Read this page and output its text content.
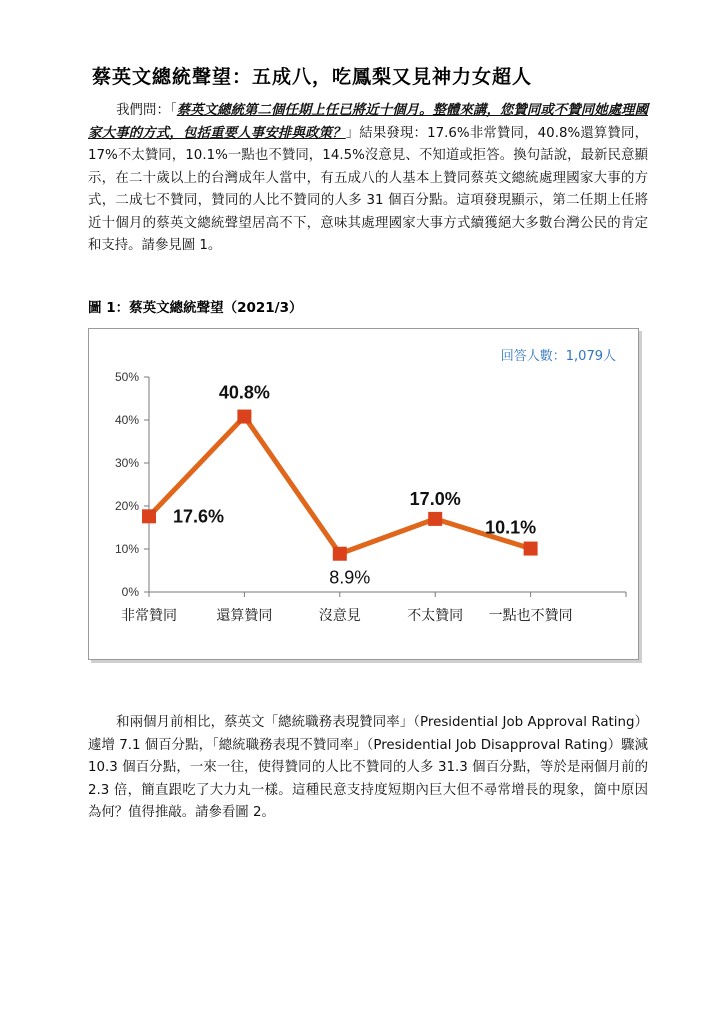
蔡英文總統聲望：五成八，吃鳳梨又見神力女超人

我們問：「蔡英文總統第二個任期上任已將近十個月。整體來講，您贊同或不贊同她處理國家大事的方式，包括重要人事安排與政策？」結果發現：17.6%非常贊同，40.8%還算贊同，17%不太贊同，10.1%一點也不贊同，14.5%沒意見、不知道或拒答。換句話說，最新民意顯示，在二十歲以上的台灣成年人當中，有五成八的人基本上贊同蔡英文總統處理國家大事的方式，二成七不贊同，贊同的人比不贊同的人多 31 個百分點。這項發現顯示，第二任期上任將近十個月的蔡英文總統聲望居高不下，意味其處理國家大事方式續獲絕大多數台灣公民的肯定和支持。請參見圖 1。

圖 1：蔡英文總統聲望（2021/3）

0%
10%
20%
30%
40%
50%
非常贊同	還算贊同	沒意見	不太贊同 一點也不贊同
17.6%
40.8%
8.9%
17.0%
10.1%

回答人數：1,079人

和兩個月前相比，蔡英文「總統職務表現贊同率」（Presidential Job Approval Rating）遽增 7.1 個百分點，「總統職務表現不贊同率」（Presidential Job Disapproval Rating）驟減 10.3 個百分點，一來一往，使得贊同的人比不贊同的人多 31.3 個百分點，等於是兩個月前的 2.3 倍，簡直跟吃了大力丸一樣。這種民意支持度短期內巨大但不尋常增長的現象，箇中原因為何？值得推敲。請參看圖 2。
